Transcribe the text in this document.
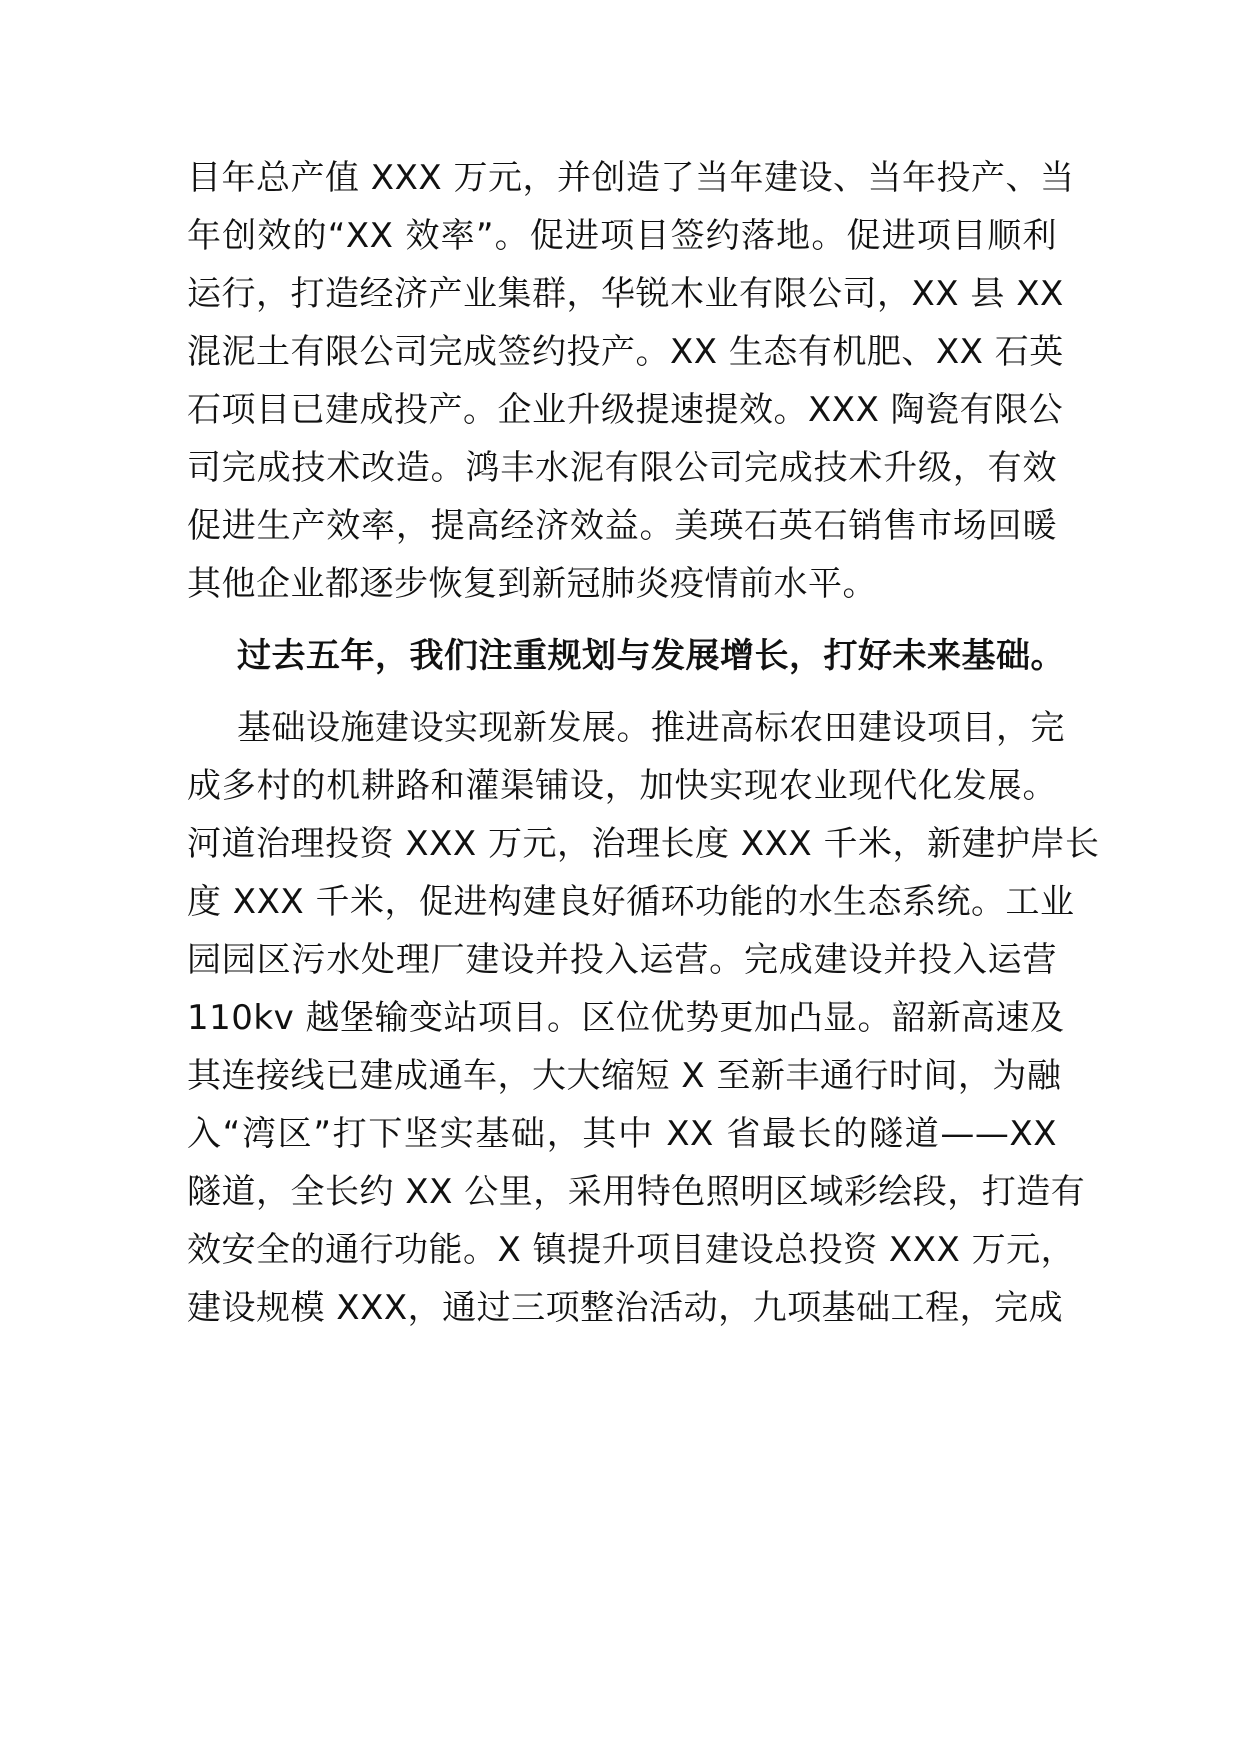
目年总产值 XXX 万元，并创造了当年建设、当年投产、当
年创效的“XX 效率”。促进项目签约落地。促进项目顺利
运行，打造经济产业集群，华锐木业有限公司，XX 县 XX
混泥土有限公司完成签约投产。XX 生态有机肥、XX 石英
石项目已建成投产。企业升级提速提效。XXX 陶瓷有限公
司完成技术改造。鸿丰水泥有限公司完成技术升级，有效
促进生产效率，提高经济效益。美瑛石英石销售市场回暖
其他企业都逐步恢复到新冠肺炎疫情前水平。
过去五年，我们注重规划与发展增长，打好未来基础。
基础设施建设实现新发展。推进高标农田建设项目，完
成多村的机耕路和灌渠铺设，加快实现农业现代化发展。
河道治理投资 XXX 万元，治理长度 XXX 千米，新建护岸长
度 XXX 千米，促进构建良好循环功能的水生态系统。工业
园园区污水处理厂建设并投入运营。完成建设并投入运营
110kv 越堡输变站项目。区位优势更加凸显。韶新高速及
其连接线已建成通车，大大缩短 X 至新丰通行时间，为融
入“湾区”打下坚实基础，其中 XX 省最长的隧道——XX
隧道，全长约 XX 公里，采用特色照明区域彩绘段，打造有
效安全的通行功能。X 镇提升项目建设总投资 XXX 万元，
建设规模 XXX，通过三项整治活动，九项基础工程，完成
